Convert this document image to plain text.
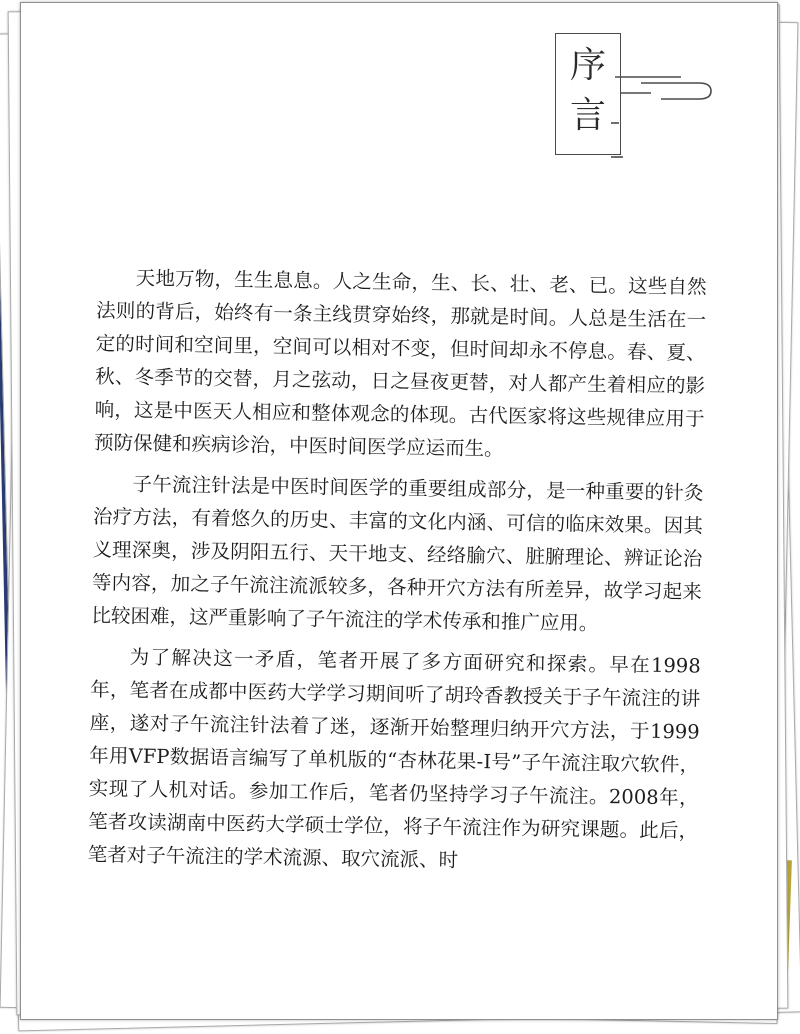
序
言

天地万物，生生息息。人之生命，生、长、壮、老、已。这些自然法则的背后，始终有一条主线贯穿始终，那就是时间。人总是生活在一定的时间和空间里，空间可以相对不变，但时间却永不停息。春、夏、秋、冬季节的交替，月之弦动，日之昼夜更替，对人都产生着相应的影响，这是中医天人相应和整体观念的体现。古代医家将这些规律应用于预防保健和疾病诊治，中医时间医学应运而生。

子午流注针法是中医时间医学的重要组成部分，是一种重要的针灸治疗方法，有着悠久的历史、丰富的文化内涵、可信的临床效果。因其义理深奥，涉及阴阳五行、天干地支、经络腧穴、脏腑理论、辨证论治等内容，加之子午流注流派较多，各种开穴方法有所差异，故学习起来比较困难，这严重影响了子午流注的学术传承和推广应用。

为了解决这一矛盾，笔者开展了多方面研究和探索。早在1998年，笔者在成都中医药大学学习期间听了胡玲香教授关于子午流注的讲座，遂对子午流注针法着了迷，逐渐开始整理归纳开穴方法，于1999年用VFP数据语言编写了单机版的“杏林花果-Ⅰ号”子午流注取穴软件，实现了人机对话。参加工作后，笔者仍坚持学习子午流注。2008年，笔者攻读湖南中医药大学硕士学位，将子午流注作为研究课题。此后，笔者对子午流注的学术流源、取穴流派、时
